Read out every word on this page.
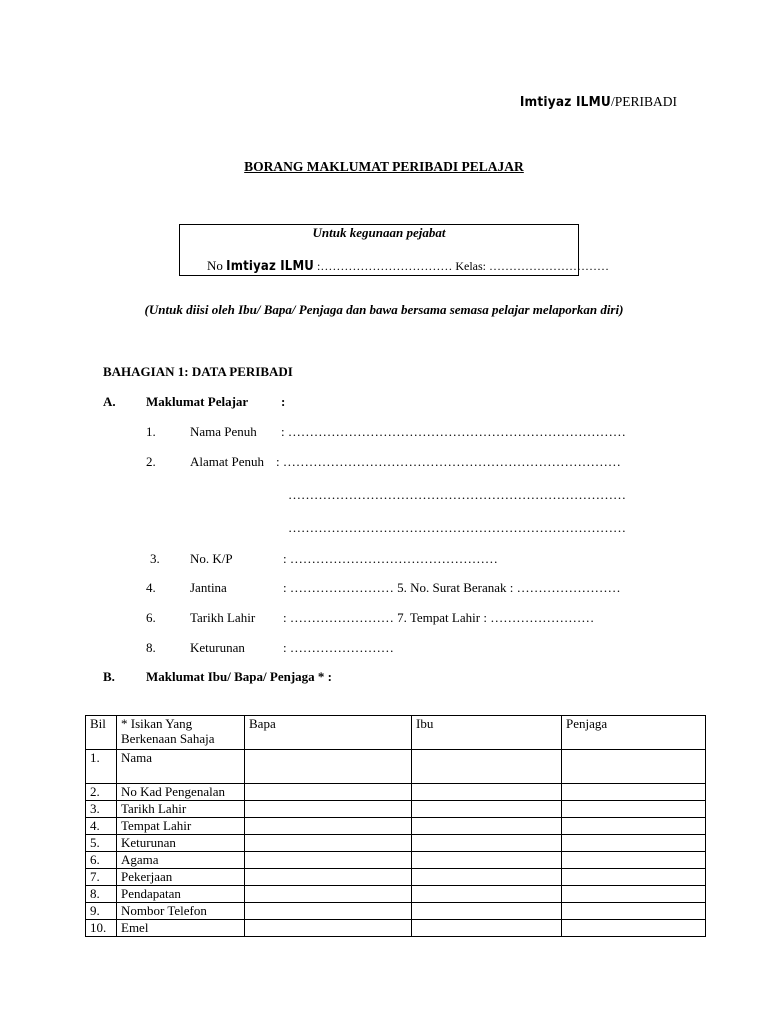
Imtiyaz ILMU/PERIBADI
BORANG MAKLUMAT PERIBADI PELAJAR
Untuk kegunaan pejabat
No Imtiyaz ILMU :…………………………… Kelas: …………………………
(Untuk diisi oleh Ibu/ Bapa/ Penjaga dan bawa bersama semasa pelajar melaporkan diri)
BAHAGIAN 1: DATA PERIBADI
A. Maklumat Pelajar	:
1.	Nama Penuh : ……………………………………………………………………
2.	Alamat Penuh : ……………………………………………………………………
……………………………………………………………………
……………………………………………………………………
3. No. K/P	: …………………………………………
4.	Jantina	: …………………… 5. No. Surat Beranak : ……………………
6.	Tarikh Lahir : …………………… 7. Tempat Lahir : ……………………
8.	Keturunan	: ……………………
B. Maklumat Ibu/ Bapa/ Penjaga * :
Bil	* Isikan Yang Berkenaan Sahaja	Bapa	Ibu	Penjaga
1.	Nama			
2.	No Kad Pengenalan			
3.	Tarikh Lahir			
4.	Tempat Lahir			
5.	Keturunan			
6.	Agama			
7.	Pekerjaan			
8.	Pendapatan			
9.	Nombor Telefon			
10.	Emel			
